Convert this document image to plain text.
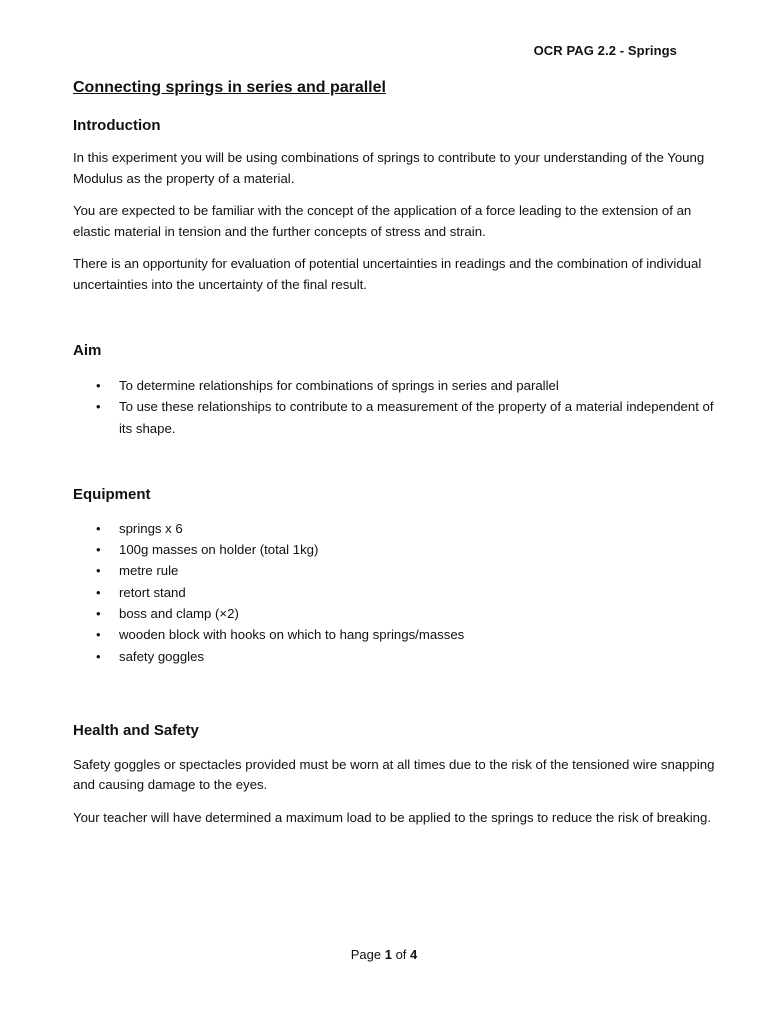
OCR PAG 2.2 - Springs
Connecting springs in series and parallel
Introduction

In this experiment you will be using combinations of springs to contribute to your understanding of the Young Modulus as the property of a material.

You are expected to be familiar with the concept of the application of a force leading to the extension of an elastic material in tension and the further concepts of stress and strain.

There is an opportunity for evaluation of potential uncertainties in readings and the combination of individual uncertainties into the uncertainty of the final result.

Aim
• To determine relationships for combinations of springs in series and parallel
• To use these relationships to contribute to a measurement of the property of a material independent of its shape.
Equipment
• springs x 6
• 100g masses on holder (total 1kg)
• metre rule
• retort stand
• boss and clamp (×2)
• wooden block with hooks on which to hang springs/masses
• safety goggles
Health and Safety

Safety goggles or spectacles provided must be worn at all times due to the risk of the tensioned wire snapping and causing damage to the eyes.

Your teacher will have determined a maximum load to be applied to the springs to reduce the risk of breaking.

Page 1 of 4
